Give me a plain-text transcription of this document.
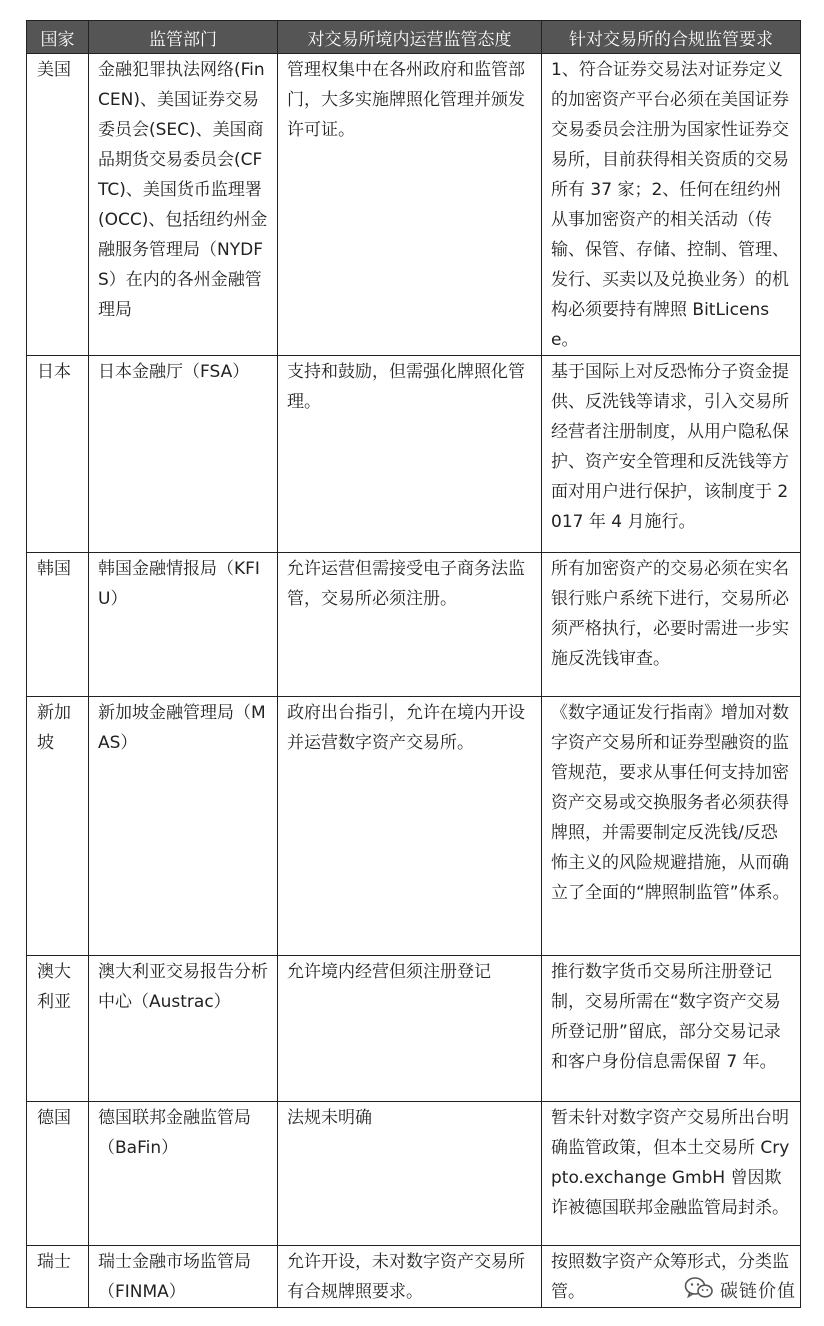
国家	监管部门	对交易所境内运营监管态度	针对交易所的合规监管要求
美国	金融犯罪执法网络(FinCEN)、美国证券交易委员会(SEC)、美国商品期货交易委员会(CFTC)、美国货币监理署(OCC)、包括纽约州金融服务管理局（NYDFS）在内的各州金融管理局	管理权集中在各州政府和监管部门，大多实施牌照化管理并颁发许可证。	1、符合证券交易法对证券定义的加密资产平台必须在美国证券交易委员会注册为国家性证券交易所，目前获得相关资质的交易所有 37 家；2、任何在纽约州从事加密资产的相关活动（传输、保管、存储、控制、管理、发行、买卖以及兑换业务）的机构必须要持有牌照 BitLicense。
日本	日本金融厅（FSA）	支持和鼓励，但需强化牌照化管理。	基于国际上对反恐怖分子资金提供、反洗钱等请求，引入交易所经营者注册制度，从用户隐私保护、资产安全管理和反洗钱等方面对用户进行保护，该制度于 2017 年 4 月施行。
韩国	韩国金融情报局（KFIU）	允许运营但需接受电子商务法监管，交易所必须注册。	所有加密资产的交易必须在实名银行账户系统下进行，交易所必须严格执行，必要时需进一步实施反洗钱审查。
新加坡	新加坡金融管理局（MAS）	政府出台指引，允许在境内开设并运营数字资产交易所。	《数字通证发行指南》增加对数字资产交易所和证券型融资的监管规范，要求从事任何支持加密资产交易或交换服务者必须获得牌照，并需要制定反洗钱/反恐怖主义的风险规避措施，从而确立了全面的“牌照制监管”体系。
澳大利亚	澳大利亚交易报告分析中心（Austrac）	允许境内经营但须注册登记	推行数字货币交易所注册登记制，交易所需在“数字资产交易所登记册”留底，部分交易记录和客户身份信息需保留 7 年。
德国	德国联邦金融监管局（BaFin）	法规未明确	暂未针对数字资产交易所出台明确监管政策，但本土交易所 Crypto.exchange GmbH 曾因欺诈被德国联邦金融监管局封杀。
瑞士	瑞士金融市场监管局（FINMA）	允许开设，未对数字资产交易所有合规牌照要求。	按照数字资产众筹形式，分类监管。	碳链价值
